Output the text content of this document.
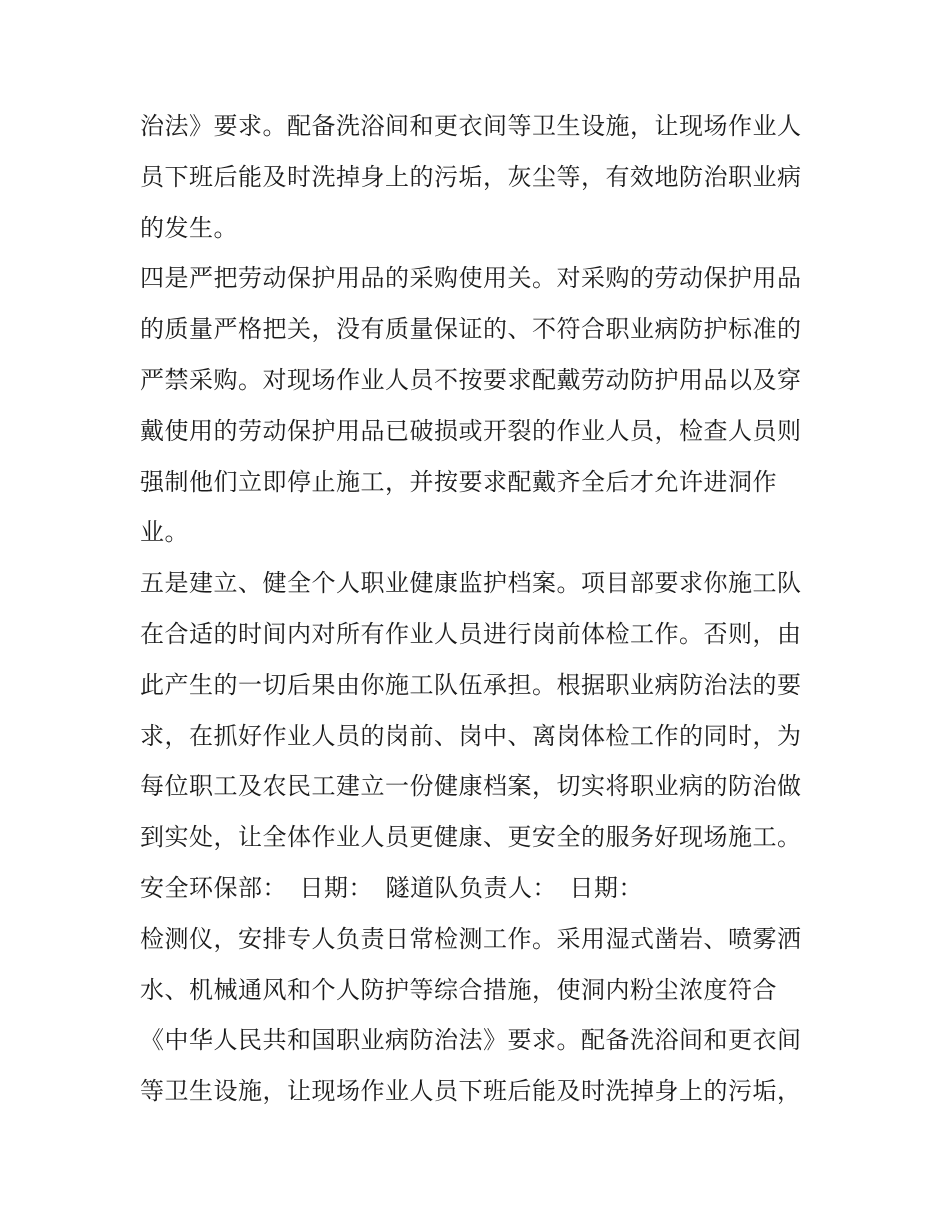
治法》要求。配备洗浴间和更衣间等卫生设施，让现场作业人
员下班后能及时洗掉身上的污垢，灰尘等，有效地防治职业病
的发生。
四是严把劳动保护用品的采购使用关。对采购的劳动保护用品
的质量严格把关，没有质量保证的、不符合职业病防护标准的
严禁采购。对现场作业人员不按要求配戴劳动防护用品以及穿
戴使用的劳动保护用品已破损或开裂的作业人员，检查人员则
强制他们立即停止施工，并按要求配戴齐全后才允许进洞作
业。
五是建立、健全个人职业健康监护档案。项目部要求你施工队
在合适的时间内对所有作业人员进行岗前体检工作。否则，由
此产生的一切后果由你施工队伍承担。根据职业病防治法的要
求，在抓好作业人员的岗前、岗中、离岗体检工作的同时，为
每位职工及农民工建立一份健康档案，切实将职业病的防治做
到实处，让全体作业人员更健康、更安全的服务好现场施工。
安全环保部：　日期：　隧道队负责人：　日期：
检测仪，安排专人负责日常检测工作。采用湿式凿岩、喷雾洒
水、机械通风和个人防护等综合措施，使洞内粉尘浓度符合
《中华人民共和国职业病防治法》要求。配备洗浴间和更衣间
等卫生设施，让现场作业人员下班后能及时洗掉身上的污垢，
